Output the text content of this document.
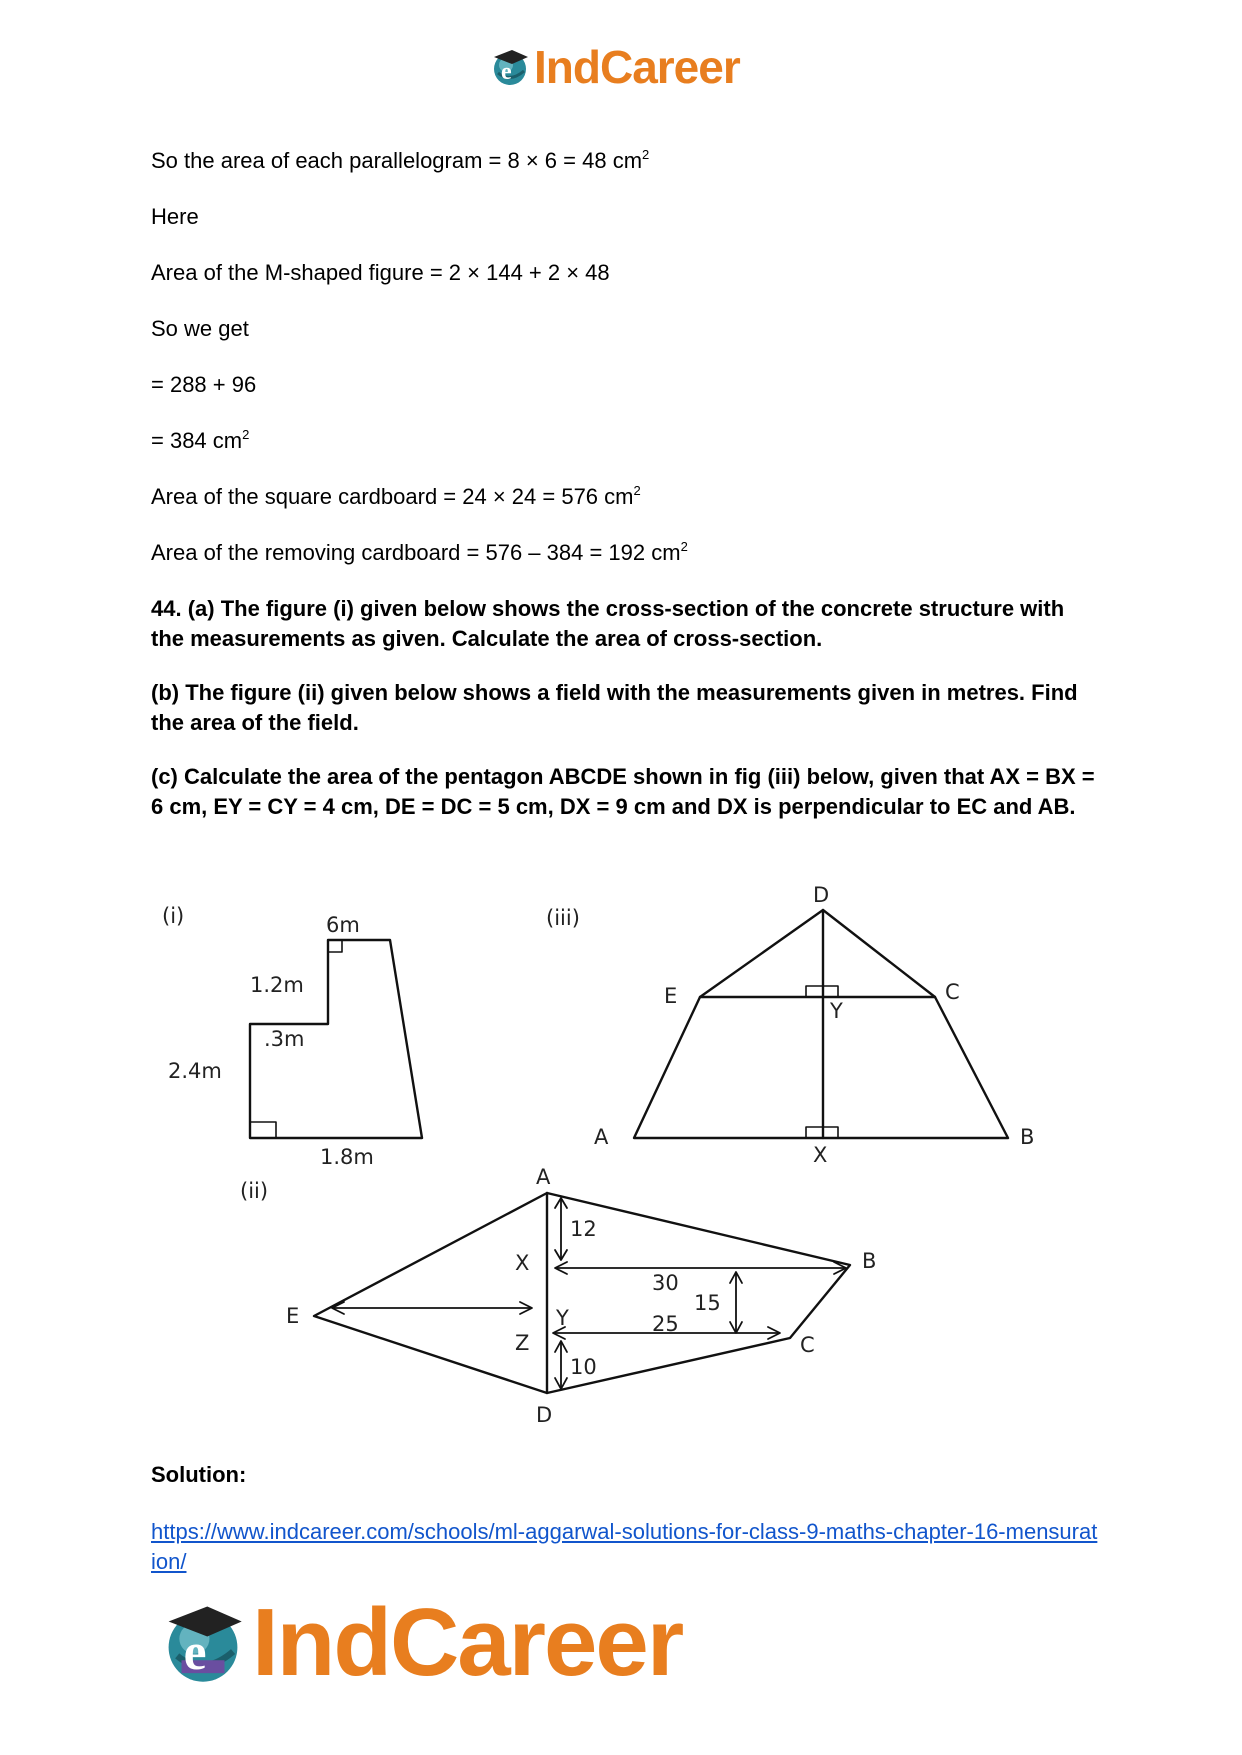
e IndCareer
So the area of each parallelogram = 8 × 6 = 48 $cm^2$
Here
Area of the M-shaped figure = 2 × 144 + 2 × 48
So we get
= 288 + 96
= 384 $cm^2$
Area of the square cardboard = 24 × 24 = 576 $cm^2$
Area of the removing cardboard = 576 – 384 = 192 $cm^2$
44. (a) The figure (i) given below shows the cross-section of the concrete structure with the measurements as given. Calculate the area of cross-section.
(b) The figure (ii) given below shows a field with the measurements given in metres. Find the area of the field.
(c) Calculate the area of the pentagon ABCDE shown in fig (iii) below, given that AX = BX = 6 cm, EY = CY = 4 cm, DE = DC = 5 cm, DX = 9 cm and DX is perpendicular to EC and AB.
(i)	6m
1.2m
.3m
2.4m
1.8m
(iii)
D
E	C
Y
A
X
B
(ii)
A
X	B
E	Y
Z	C
D
12
30
15
25
10
Solution:
https://www.indcareer.com/schools/ml-aggarwal-solutions-for-class-9-maths-chapter-16-mensuration/
e IndCareer
